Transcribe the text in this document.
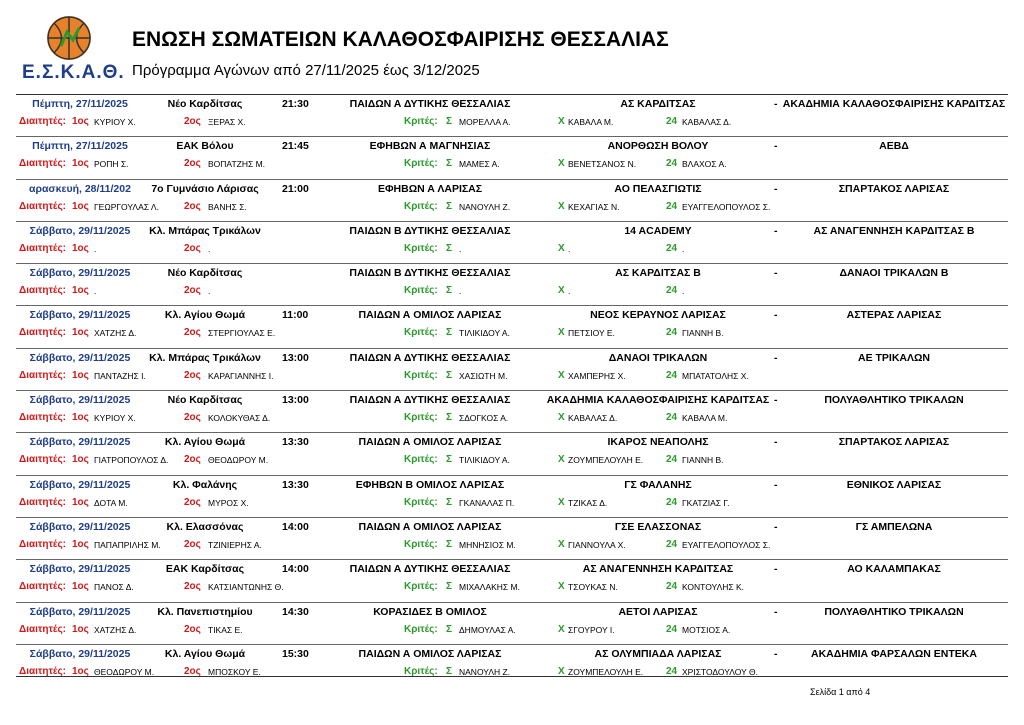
Ε.Σ.Κ.Α.Θ.
ΕΝΩΣΗ ΣΩΜΑΤΕΙΩΝ ΚΑΛΑΘΟΣΦΑΙΡΙΣΗΣ ΘΕΣΣΑΛΙΑΣ
Πρόγραμμα Αγώνων από 27/11/2025 έως 3/12/2025
Πέμπτη, 27/11/2025	Νέο Καρδίτσας	21:30	ΠΑΙΔΩΝ Α ΔΥΤΙΚΗΣ ΘΕΣΣΑΛΙΑΣ	ΑΣ ΚΑΡΔΙΤΣΑΣ	- ΑΚΑΔΗΜΙΑ ΚΑΛΑΘΟΣΦΑΙΡΙΣΗΣ ΚΑΡΔΙΤΣΑΣ
Διαιτητές: 1ος ΚΥΡΙΟΥ Χ.	2ος ΞΕΡΑΣ Χ.	Κριτές: Σ ΜΟΡΕΛΛΑ Α.	Χ ΚΑΒΑΛΑ Μ.	24 ΚΑΒΑΛΑΣ Δ.
Πέμπτη, 27/11/2025	ΕΑΚ Βόλου	21:45	ΕΦΗΒΩΝ Α ΜΑΓΝΗΣΙΑΣ	ΑΝΟΡΘΩΣΗ ΒΟΛΟΥ	-	ΑΕΒΔ
Διαιτητές: 1ος ΡΟΠΗ Σ.	2ος ΒΟΠΑΤΖΗΣ Μ.	Κριτές: Σ ΜΑΜΕΣ Α.	Χ ΒΕΝΕΤΣΑΝΟΣ Ν.	24 ΒΛΑΧΟΣ Α.
αρασκευή, 28/11/202	7ο Γυμνάσιο Λάρισας	21:00	ΕΦΗΒΩΝ Α ΛΑΡΙΣΑΣ	ΑΟ ΠΕΛΑΣΓΙΩΤΙΣ	-	ΣΠΑΡΤΑΚΟΣ ΛΑΡΙΣΑΣ
Διαιτητές: 1ος ΓΕΩΡΓΟΥΛΑΣ Λ.	2ος ΒΑΝΗΣ Σ.	Κριτές: Σ ΝΑΝΟΥΛΗ Ζ.	Χ ΚΕΧΑΓΙΑΣ Ν.	24 ΕΥΑΓΓΕΛΟΠΟΥΛΟΣ Σ.
Σάββατο, 29/11/2025	Κλ. Μπάρας Τρικάλων	ΠΑΙΔΩΝ Β ΔΥΤΙΚΗΣ ΘΕΣΣΑΛΙΑΣ	14 ACADEMY	-	ΑΣ ΑΝΑΓΕΝΝΗΣΗ ΚΑΡΔΙΤΣΑΣ Β
Διαιτητές: 1ος .	2ος .	Κριτές: Σ .	Χ .	24 .
Σάββατο, 29/11/2025	Νέο Καρδίτσας	ΠΑΙΔΩΝ Β ΔΥΤΙΚΗΣ ΘΕΣΣΑΛΙΑΣ	ΑΣ ΚΑΡΔΙΤΣΑΣ Β	-	ΔΑΝΑΟΙ ΤΡΙΚΑΛΩΝ Β
Διαιτητές: 1ος .	2ος .	Κριτές: Σ .	Χ .	24 .
Σάββατο, 29/11/2025	Κλ. Αγίου Θωμά	11:00	ΠΑΙΔΩΝ Α ΟΜΙΛΟΣ ΛΑΡΙΣΑΣ	ΝΕΟΣ ΚΕΡΑΥΝΟΣ ΛΑΡΙΣΑΣ	-	ΑΣΤΕΡΑΣ ΛΑΡΙΣΑΣ
Διαιτητές: 1ος ΧΑΤΖΗΣ Δ.	2ος ΣΤΕΡΓΙΟΥΛΑΣ Ε.	Κριτές: Σ ΤΙΛΙΚΙΔΟΥ Α.	Χ ΠΕΤΣΙΟΥ Ε.	24 ΓΙΑΝΝΗ Β.
Σάββατο, 29/11/2025	Κλ. Μπάρας Τρικάλων	13:00	ΠΑΙΔΩΝ Α ΔΥΤΙΚΗΣ ΘΕΣΣΑΛΙΑΣ	ΔΑΝΑΟΙ ΤΡΙΚΑΛΩΝ	-	ΑΕ ΤΡΙΚΑΛΩΝ
Διαιτητές: 1ος ΠΑΝΤΑΖΗΣ Ι.	2ος ΚΑΡΑΓΙΑΝΝΗΣ Ι.	Κριτές: Σ ΧΑΣΙΩΤΗ Μ.	Χ ΧΑΜΠΕΡΗΣ Χ.	24 ΜΠΑΤΑΤΟΛΗΣ Χ.
Σάββατο, 29/11/2025	Νέο Καρδίτσας	13:00	ΠΑΙΔΩΝ Α ΔΥΤΙΚΗΣ ΘΕΣΣΑΛΙΑΣ	ΑΚΑΔΗΜΙΑ ΚΑΛΑΘΟΣΦΑΙΡΙΣΗΣ ΚΑΡΔΙΤΣΑΣ -	ΠΟΛΥΑΘΛΗΤΙΚΟ ΤΡΙΚΑΛΩΝ
Διαιτητές: 1ος ΚΥΡΙΟΥ Χ.	2ος ΚΟΛΟΚΥΘΑΣ Δ.	Κριτές: Σ ΣΔΟΓΚΟΣ Α.	Χ ΚΑΒΑΛΑΣ Δ.	24 ΚΑΒΑΛΑ Μ.
Σάββατο, 29/11/2025	Κλ. Αγίου Θωμά	13:30	ΠΑΙΔΩΝ Α ΟΜΙΛΟΣ ΛΑΡΙΣΑΣ	ΙΚΑΡΟΣ ΝΕΑΠΟΛΗΣ	-	ΣΠΑΡΤΑΚΟΣ ΛΑΡΙΣΑΣ
Διαιτητές: 1ος ΓΙΑΤΡΟΠΟΥΛΟΣ Δ. 2ος ΘΕΟΔΩΡΟΥ Μ.	Κριτές: Σ ΤΙΛΙΚΙΔΟΥ Α.	Χ ΖΟΥΜΠΕΛΟΥΛΗ Ε. 24 ΓΙΑΝΝΗ Β.
Σάββατο, 29/11/2025	Κλ. Φαλάνης	13:30	ΕΦΗΒΩΝ Β ΟΜΙΛΟΣ ΛΑΡΙΣΑΣ	ΓΣ ΦΑΛΑΝΗΣ	-	ΕΘΝΙΚΟΣ ΛΑΡΙΣΑΣ
Διαιτητές: 1ος ΔΟΤΑ Μ.	2ος ΜΥΡΟΣ Χ.	Κριτές: Σ ΓΚΑΝΑΛΑΣ Π.	Χ ΤΖΙΚΑΣ Δ.	24 ΓΚΑΤΖΙΑΣ Γ.
Σάββατο, 29/11/2025	Κλ. Ελασσόνας	14:00	ΠΑΙΔΩΝ Α ΟΜΙΛΟΣ ΛΑΡΙΣΑΣ	ΓΣΕ ΕΛΑΣΣΟΝΑΣ	-	ΓΣ ΑΜΠΕΛΩΝΑ
Διαιτητές: 1ος ΠΑΠΑΠΡΙΛΗΣ Μ. 2ος ΤΖΙΝΙΕΡΗΣ Α.	Κριτές: Σ ΜΗΝΗΣΙΟΣ Μ.	Χ ΓΙΑΝΝΟΥΛΑ Χ.	24 ΕΥΑΓΓΕΛΟΠΟΥΛΟΣ Σ.
Σάββατο, 29/11/2025	ΕΑΚ Καρδίτσας	14:00	ΠΑΙΔΩΝ Α ΔΥΤΙΚΗΣ ΘΕΣΣΑΛΙΑΣ	ΑΣ ΑΝΑΓΕΝΝΗΣΗ ΚΑΡΔΙΤΣΑΣ	-	ΑΟ ΚΑΛΑΜΠΑΚΑΣ
Διαιτητές: 1ος ΠΑΝΟΣ Δ.	2ος ΚΑΤΣΙΑΝΤΩΝΗΣ Θ.	Κριτές: Σ ΜΙΧΑΛΑΚΗΣ Μ.	Χ ΤΣΟΥΚΑΣ Ν.	24 ΚΟΝΤΟΥΛΗΣ Κ.
Σάββατο, 29/11/2025	Κλ. Πανεπιστημίου	14:30	ΚΟΡΑΣΙΔΕΣ Β ΟΜΙΛΟΣ	ΑΕΤΟΙ ΛΑΡΙΣΑΣ	-	ΠΟΛΥΑΘΛΗΤΙΚΟ ΤΡΙΚΑΛΩΝ
Διαιτητές: 1ος ΧΑΤΖΗΣ Δ.	2ος ΤΙΚΑΣ Ε.	Κριτές: Σ ΔΗΜΟΥΛΑΣ Α.	Χ ΣΓΟΥΡΟΥ Ι.	24 ΜΟΤΣΙΟΣ Α.
Σάββατο, 29/11/2025	Κλ. Αγίου Θωμά	15:30	ΠΑΙΔΩΝ Α ΟΜΙΛΟΣ ΛΑΡΙΣΑΣ	ΑΣ ΟΛΥΜΠΙΑΔΑ ΛΑΡΙΣΑΣ	-	ΑΚΑΔΗΜΙΑ ΦΑΡΣΑΛΩΝ ΕΝΤΕΚΑ
Διαιτητές: 1ος ΘΕΟΔΩΡΟΥ Μ.	2ος ΜΠΟΣΚΟΥ Ε.	Κριτές: Σ ΝΑΝΟΥΛΗ Ζ.	Χ ΖΟΥΜΠΕΛΟΥΛΗ Ε. 24 ΧΡΙΣΤΟΔΟΥΛΟΥ Θ.
Σελίδα 1 από 4
